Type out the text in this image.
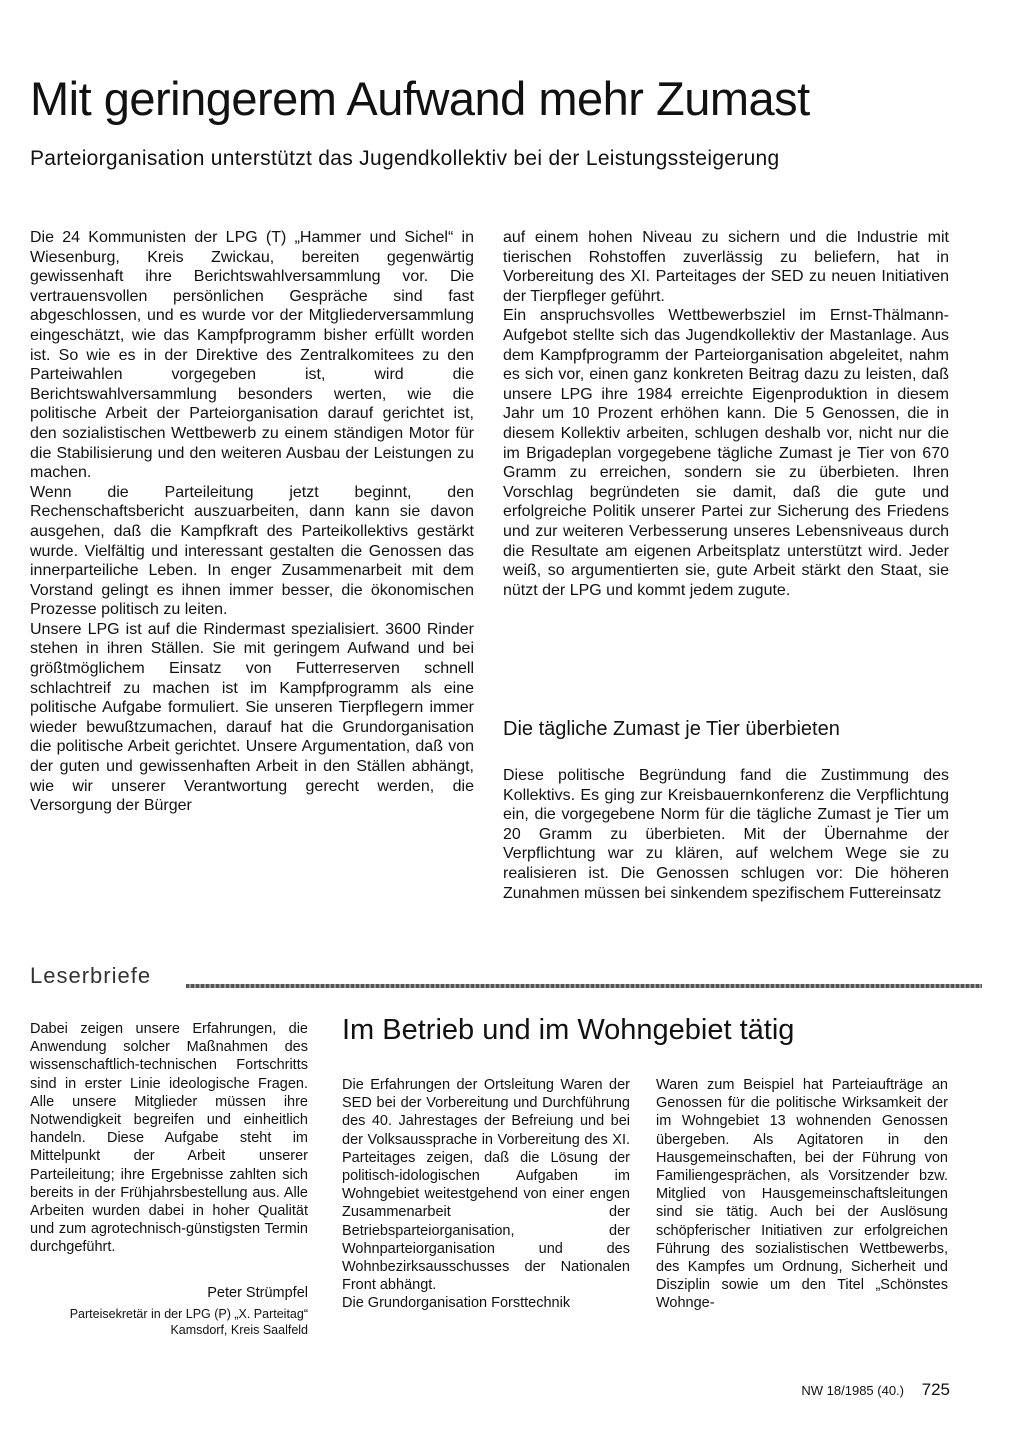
Mit geringerem Aufwand mehr Zumast
Parteiorganisation unterstützt das Jugendkollektiv bei der Leistungssteigerung

Die 24 Kommunisten der LPG (T) „Hammer und Sichel“ in Wiesenburg, Kreis Zwickau, bereiten gegenwärtig gewissenhaft ihre Berichtswahlversammlung vor. Die vertrauensvollen persönlichen Gespräche sind fast abgeschlossen, und es wurde vor der Mitgliederversammlung eingeschätzt, wie das Kampfprogramm bisher erfüllt worden ist. So wie es in der Direktive des Zentralkomitees zu den Parteiwahlen vorgegeben ist, wird die Berichtswahlversammlung besonders werten, wie die politische Arbeit der Parteiorganisation darauf gerichtet ist, den sozialistischen Wettbewerb zu einem ständigen Motor für die Stabilisierung und den weiteren Ausbau der Leistungen zu machen.

Wenn die Parteileitung jetzt beginnt, den Rechenschaftsbericht auszuarbeiten, dann kann sie davon ausgehen, daß die Kampfkraft des Parteikollektivs gestärkt wurde. Vielfältig und interessant gestalten die Genossen das innerparteiliche Leben. In enger Zusammenarbeit mit dem Vorstand gelingt es ihnen immer besser, die ökonomischen Prozesse politisch zu leiten.

Unsere LPG ist auf die Rindermast spezialisiert. 3600 Rinder stehen in ihren Ställen. Sie mit geringem Aufwand und bei größtmöglichem Einsatz von Futterreserven schnell schlachtreif zu machen ist im Kampfprogramm als eine politische Aufgabe formuliert. Sie unseren Tierpflegern immer wieder bewußtzumachen, darauf hat die Grundorganisation die politische Arbeit gerichtet. Unsere Argumentation, daß von der guten und gewissenhaften Arbeit in den Ställen abhängt, wie wir unserer Verantwortung gerecht werden, die Versorgung der Bürger

auf einem hohen Niveau zu sichern und die Industrie mit tierischen Rohstoffen zuverlässig zu beliefern, hat in Vorbereitung des XI. Parteitages der SED zu neuen Initiativen der Tierpfleger geführt.

Ein anspruchsvolles Wettbewerbsziel im Ernst-Thälmann-Aufgebot stellte sich das Jugendkollektiv der Mastanlage. Aus dem Kampfprogramm der Parteiorganisation abgeleitet, nahm es sich vor, einen ganz konkreten Beitrag dazu zu leisten, daß unsere LPG ihre 1984 erreichte Eigenproduktion in diesem Jahr um 10 Prozent erhöhen kann. Die 5 Genossen, die in diesem Kollektiv arbeiten, schlugen deshalb vor, nicht nur die im Brigadeplan vorgegebene tägliche Zumast je Tier von 670 Gramm zu erreichen, sondern sie zu überbieten. Ihren Vorschlag begründeten sie damit, daß die gute und erfolgreiche Politik unserer Partei zur Sicherung des Friedens und zur weiteren Verbesserung unseres Lebensniveaus durch die Resultate am eigenen Arbeitsplatz unterstützt wird. Jeder weiß, so argumentierten sie, gute Arbeit stärkt den Staat, sie nützt der LPG und kommt jedem zugute.

Die tägliche Zumast je Tier überbieten

Diese politische Begründung fand die Zustimmung des Kollektivs. Es ging zur Kreisbauernkonferenz die Verpflichtung ein, die vorgegebene Norm für die tägliche Zumast je Tier um 20 Gramm zu überbieten. Mit der Übernahme der Verpflichtung war zu klären, auf welchem Wege sie zu realisieren ist. Die Genossen schlugen vor: Die höheren Zunahmen müssen bei sinkendem spezifischem Futtereinsatz

Leserbriefe

Dabei zeigen unsere Erfahrungen, die Anwendung solcher Maßnahmen des wissenschaftlich-technischen Fortschritts sind in erster Linie ideologische Fragen. Alle unsere Mitglieder müssen ihre Notwendigkeit begreifen und einheitlich handeln. Diese Aufgabe steht im Mittelpunkt der Arbeit unserer Parteileitung; ihre Ergebnisse zahlten sich bereits in der Frühjahrsbestellung aus. Alle Arbeiten wurden dabei in hoher Qualität und zum agrotechnisch-günstigsten Termin durchgeführt.

Peter Strümpfel
Parteisekretär in der LPG (P) „X. Parteitag“
Kamsdorf, Kreis Saalfeld
Im Betrieb und im Wohngebiet tätig

Die Erfahrungen der Ortsleitung Waren der SED bei der Vorbereitung und Durchführung des 40. Jahrestages der Befreiung und bei der Volksaussprache in Vorbereitung des XI. Parteitages zeigen, daß die Lösung der politisch-idologischen Aufgaben im Wohngebiet weitestgehend von einer engen Zusammenarbeit der Betriebsparteiorganisation, der Wohnparteiorganisation und des Wohnbezirksausschusses der Nationalen Front abhängt.

Die Grundorganisation Forsttechnik

Waren zum Beispiel hat Parteiaufträge an Genossen für die politische Wirksamkeit der im Wohngebiet 13 wohnenden Genossen übergeben. Als Agitatoren in den Hausgemeinschaften, bei der Führung von Familiengesprächen, als Vorsitzender bzw. Mitglied von Hausgemeinschaftsleitungen sind sie tätig. Auch bei der Auslösung schöpferischer Initiativen zur erfolgreichen Führung des sozialistischen Wettbewerbs, des Kampfes um Ordnung, Sicherheit und Disziplin sowie um den Titel „Schönstes Wohnge-

NW 18/1985 (40.) 725
